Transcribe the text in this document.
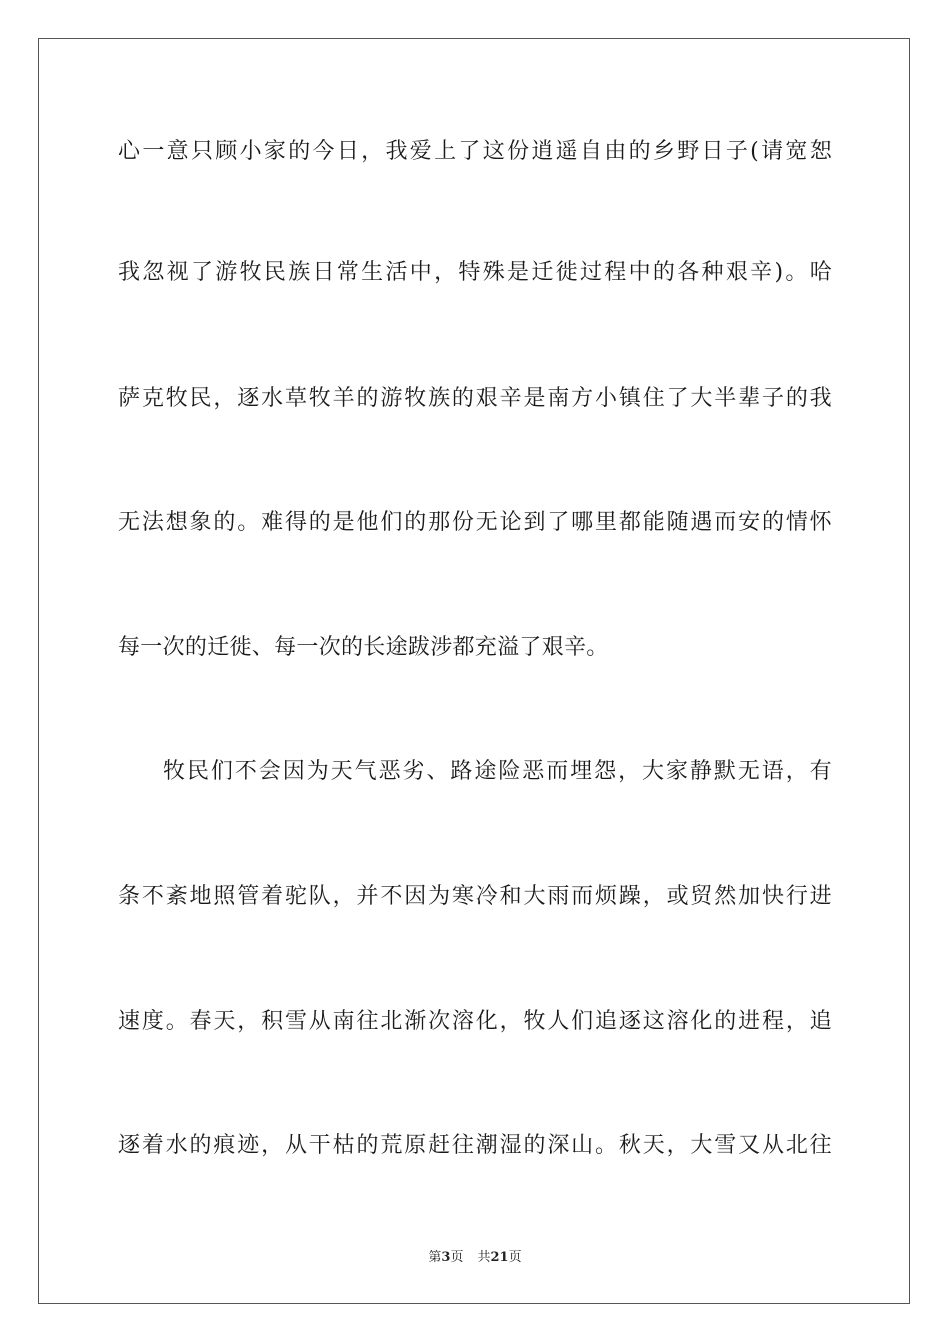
心一意只顾小家的今日，我爱上了这份逍遥自由的乡野日子(请宽恕
我忽视了游牧民族日常生活中，特殊是迁徙过程中的各种艰辛)。哈
萨克牧民，逐水草牧羊的游牧族的艰辛是南方小镇住了大半辈子的我
无法想象的。难得的是他们的那份无论到了哪里都能随遇而安的情怀
每一次的迁徙、每一次的长途跋涉都充溢了艰辛。
牧民们不会因为天气恶劣、路途险恶而埋怨，大家静默无语，有
条不紊地照管着驼队，并不因为寒冷和大雨而烦躁，或贸然加快行进
速度。春天，积雪从南往北渐次溶化，牧人们追逐这溶化的进程，追
逐着水的痕迹，从干枯的荒原赶往潮湿的深山。秋天，大雪又从北往
第3页 共21页
